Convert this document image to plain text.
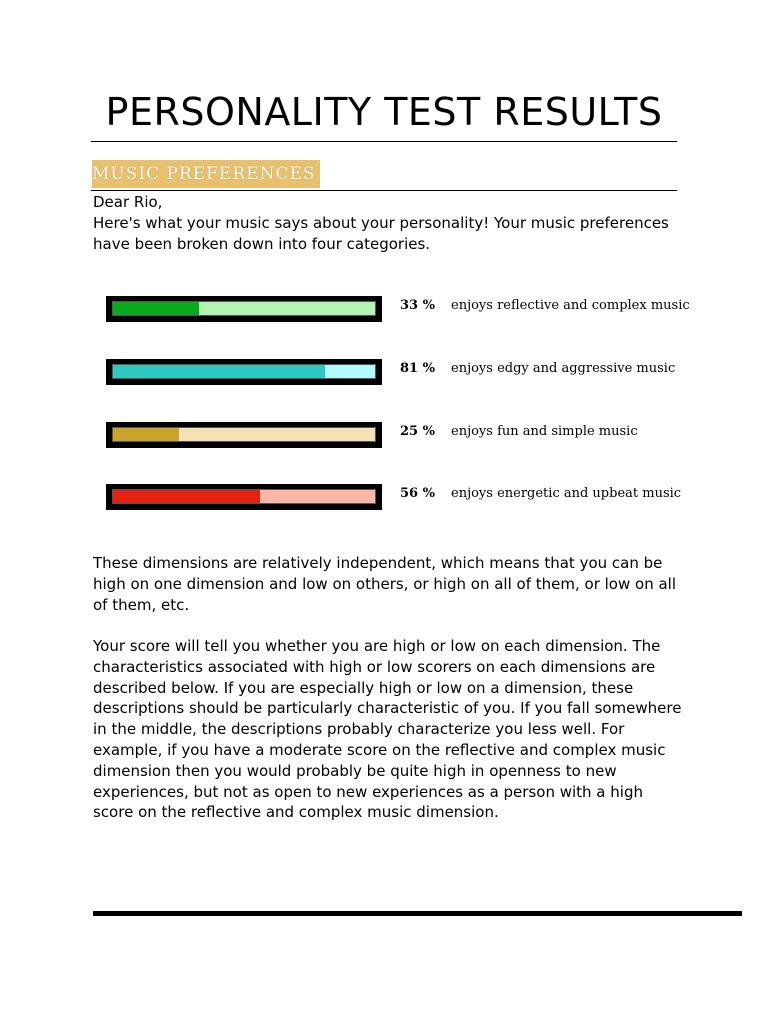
PERSONALITY TEST RESULTS
MUSIC PREFERENCES
Dear Rio,
Here's what your music says about your personality! Your music preferences have been broken down into four categories.
33 %	enjoys reflective and complex music
81 %	enjoys edgy and aggressive music
25 %	enjoys fun and simple music
56 %	enjoys energetic and upbeat music
These dimensions are relatively independent, which means that you can be high on one dimension and low on others, or high on all of them, or low on all of them, etc.
Your score will tell you whether you are high or low on each dimension. The characteristics associated with high or low scorers on each dimensions are described below. If you are especially high or low on a dimension, these descriptions should be particularly characteristic of you. If you fall somewhere in the middle, the descriptions probably characterize you less well. For example, if you have a moderate score on the reflective and complex music dimension then you would probably be quite high in openness to new experiences, but not as open to new experiences as a person with a high score on the reflective and complex music dimension.
